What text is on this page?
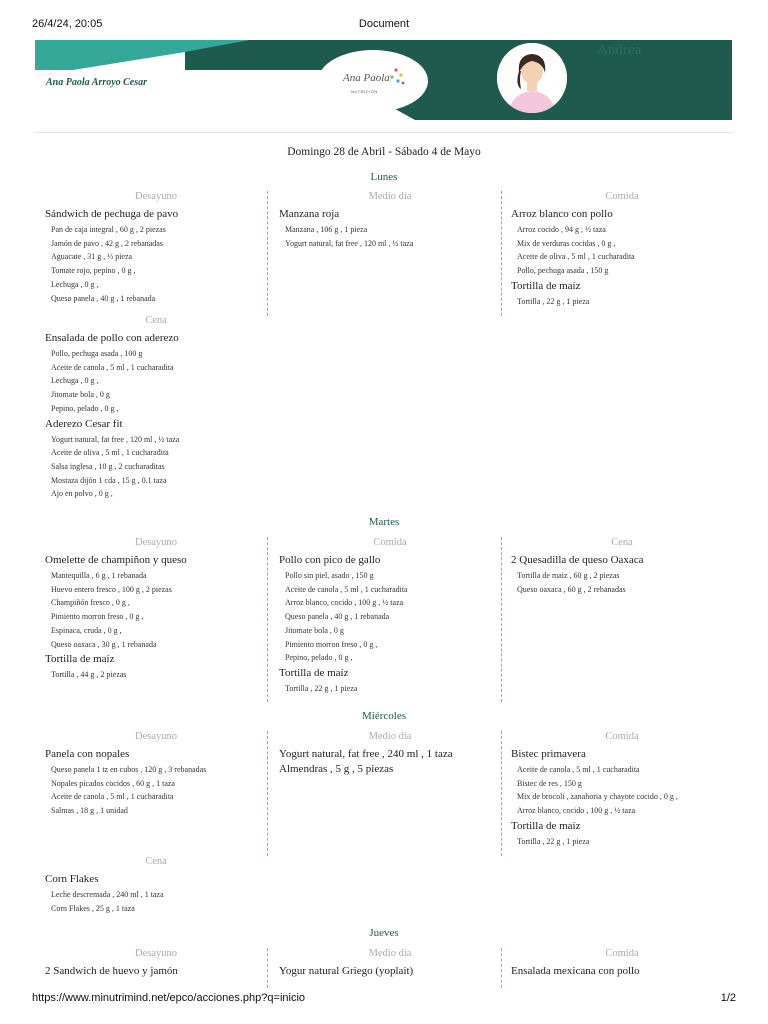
26/4/24, 20:05	Document
Ana Paola Arroyo Cesar	Ana Paola
NUTRICIÓN
Andrea
Domingo 28 de Abril - Sábado 4 de Mayo
Lunes
Desayuno
Sándwich de pechuga de pavo
Pan de caja integral , 60 g , 2 piezas
Jamón de pavo , 42 g , 2 rebanadas
Aguacate , 31 g , ⅓ pieza
Tomate rojo, pepino , 0 g ,
Lechuga , 0 g ,
Queso panela , 40 g , 1 rebanada
Medio día
Manzana roja
Manzana , 106 g , 1 pieza
Yogurt natural, fat free , 120 ml , ½ taza
Comida
Arroz blanco con pollo
Arroz cocido , 94 g , ½ taza
Mix de verduras cocidas , 0 g ,
Aceite de oliva , 5 ml , 1 cucharadita
Pollo, pechuga asada , 150 g
Tortilla de maíz
Tortilla , 22 g , 1 pieza
Cena
Ensalada de pollo con aderezo
Pollo, pechuga asada , 100 g
Aceite de canola , 5 ml , 1 cucharadita
Lechuga , 0 g ,
Jitomate bola , 0 g
Pepino, pelado , 0 g ,
Aderezo Cesar fit
Yogurt natural, fat free , 120 ml , ½ taza
Aceite de oliva , 5 ml , 1 cucharadita
Salsa inglesa , 10 g , 2 cucharaditas
Mostaza dijón 1 cda , 15 g , 0.1 taza
Ajo en polvo , 0 g ,
Martes
Desayuno
Omelette de champiñon y queso
Mantequilla , 6 g , 1 rebanada
Huevo entero fresco , 100 g , 2 piezas
Champiñón fresco , 0 g ,
Pimiento morron freso , 0 g ,
Espinaca, cruda , 0 g ,
Queso oaxaca , 30 g , 1 rebanada
Tortilla de maíz
Tortilla , 44 g , 2 piezas
Comida
Pollo con pico de gallo
Pollo sin piel, asado , 150 g
Aceite de canola , 5 ml , 1 cucharadita
Arroz blanco, cocido , 100 g , ½ taza
Queso panela , 40 g , 1 rebanada
Jitomate bola , 0 g
Pimiento morron freso , 0 g ,
Pepino, pelado , 0 g ,
Tortilla de maíz
Tortilla , 22 g , 1 pieza
Cena
2 Quesadilla de queso Oaxaca
Tortilla de maiz , 60 g , 2 piezas
Queso oaxaca , 60 g , 2 rebanadas
Miércoles
Desayuno
Panela con nopales
Queso panela 1 tz en cubos , 120 g , 3 rebanadas
Nopales picados cocidos , 60 g , 1 taza
Aceite de canola , 5 ml , 1 cucharadita
Salmas , 18 g , 1 unidad
Medio día
Yogurt natural, fat free , 240 ml , 1 taza
Almendras , 5 g , 5 piezas
Comida
Bistec primavera
Aceite de canola , 5 ml , 1 cucharadita
Bistec de res , 150 g
Mix de brocoli , zanahoria y chayote cocido , 0 g ,
Arroz blanco, cocido , 100 g , ½ taza
Tortilla de maíz
Tortilla , 22 g , 1 pieza
Cena
Corn Flakes
Leche descremada , 240 ml , 1 taza
Corn Flakes , 25 g , 1 taza
Jueves
Desayuno
2 Sandwich de huevo y jamón
Medio día
Yogur natural Griego (yoplait)
Comida
Ensalada mexicana con pollo
https://www.minutrimind.net/epco/acciones.php?q=inicio	1/2
